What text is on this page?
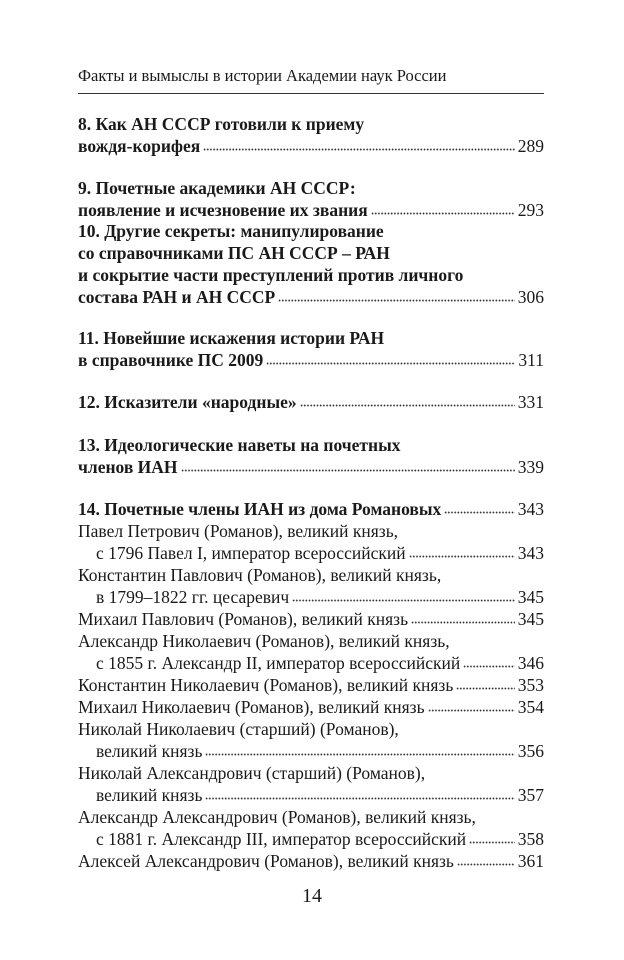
Факты и вымыслы в истории Академии наук России
8. Как АН СССР готовили к приему
вождя-корифея	289
9. Почетные академики АН СССР:
появление и исчезновение их звания	293
10. Другие секреты: манипулирование
со справочниками ПС АН СССР – РАН
и сокрытие части преступлений против личного
состава РАН и АН СССР	306
11. Новейшие искажения истории РАН
в справочнике ПС 2009	311
12. Исказители «народные»	331
13. Идеологические наветы на почетных
членов ИАН	339
14. Почетные члены ИАН из дома Романовых	343
Павел Петрович (Романов), великий князь,
с 1796 Павел I, император всероссийский	343
Константин Павлович (Романов), великий князь,
в 1799–1822 гг. цесаревич	345
Михаил Павлович (Романов), великий князь	345
Александр Николаевич (Романов), великий князь,
с 1855 г. Александр II, император всероссийский	346
Константин Николаевич (Романов), великий князь	353
Михаил Николаевич (Романов), великий князь	354
Николай Николаевич (старший) (Романов),
великий князь	356
Николай Александрович (старший) (Романов),
великий князь	357
Александр Александрович (Романов), великий князь,
с 1881 г. Александр III, император всероссийский	358
Алексей Александрович (Романов), великий князь	361
14
